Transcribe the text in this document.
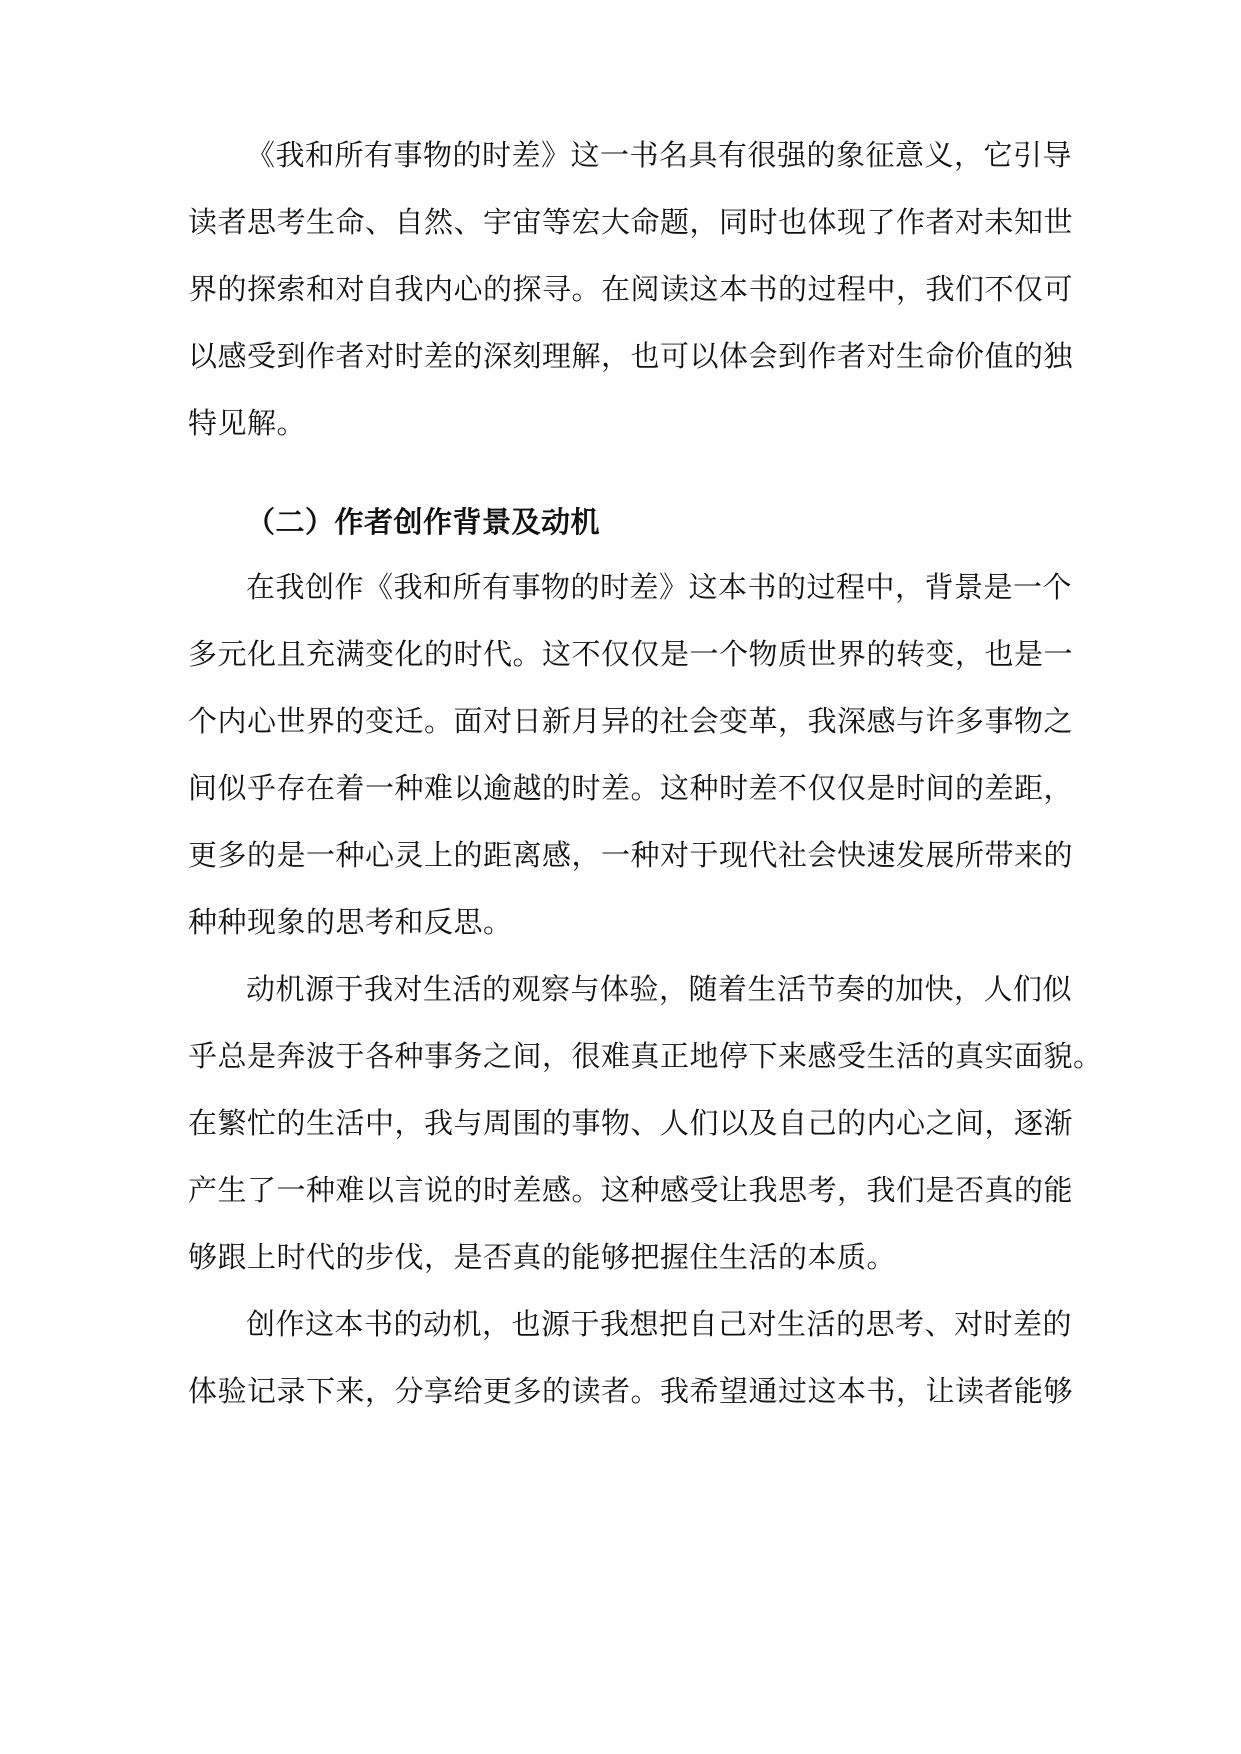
《我和所有事物的时差》这一书名具有很强的象征意义，它引导
读者思考生命、自然、宇宙等宏大命题，同时也体现了作者对未知世
界的探索和对自我内心的探寻。在阅读这本书的过程中，我们不仅可
以感受到作者对时差的深刻理解，也可以体会到作者对生命价值的独
特见解。
（二）作者创作背景及动机
在我创作《我和所有事物的时差》这本书的过程中，背景是一个
多元化且充满变化的时代。这不仅仅是一个物质世界的转变，也是一
个内心世界的变迁。面对日新月异的社会变革，我深感与许多事物之
间似乎存在着一种难以逾越的时差。这种时差不仅仅是时间的差距，
更多的是一种心灵上的距离感，一种对于现代社会快速发展所带来的
种种现象的思考和反思。
动机源于我对生活的观察与体验，随着生活节奏的加快，人们似
乎总是奔波于各种事务之间，很难真正地停下来感受生活的真实面貌。
在繁忙的生活中，我与周围的事物、人们以及自己的内心之间，逐渐
产生了一种难以言说的时差感。这种感受让我思考，我们是否真的能
够跟上时代的步伐，是否真的能够把握住生活的本质。
创作这本书的动机，也源于我想把自己对生活的思考、对时差的
体验记录下来，分享给更多的读者。我希望通过这本书，让读者能够
